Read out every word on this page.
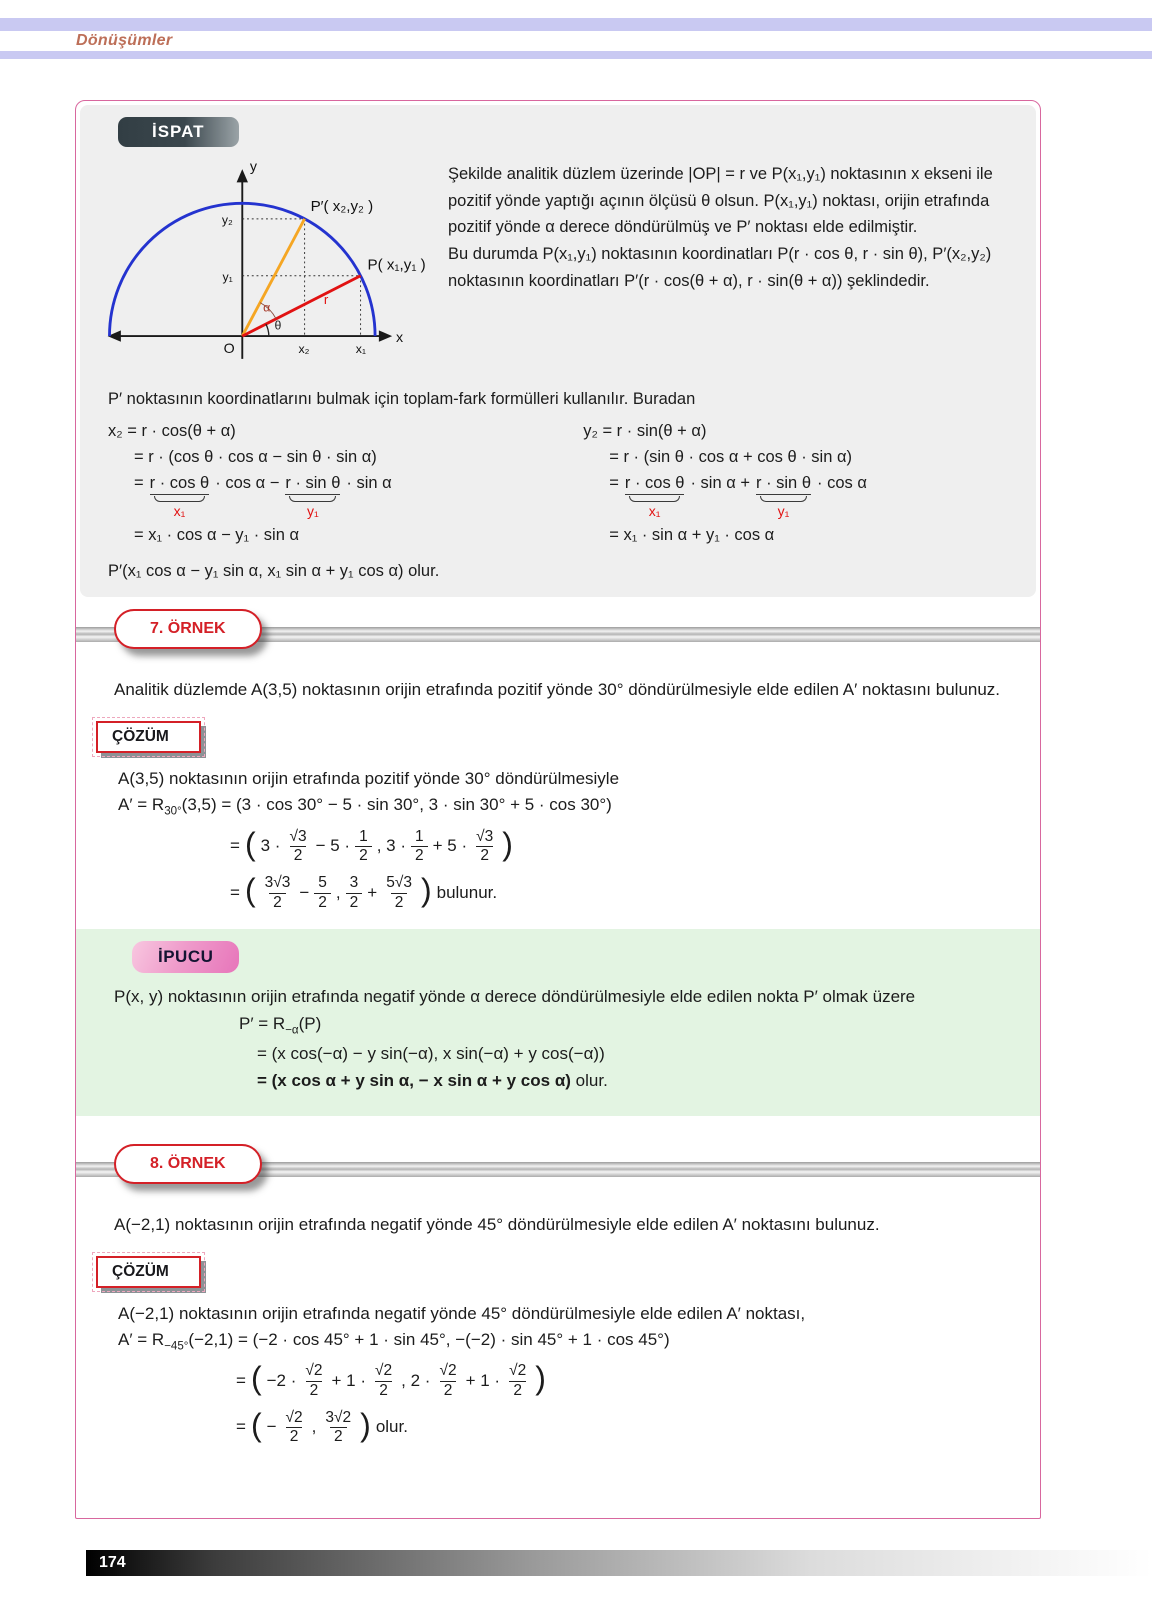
Dönüşümler
İSPAT
y
x
O
P′( x₂,y₂ )
P( x₁,y₁ )
y₂
y₁
x₂	x₁
r
α
θ

Şekilde analitik düzlem üzerinde |OP| = r ve P(x₁,y₁) noktasının x ekseni ile pozitif yönde yaptığı açının ölçüsü θ olsun. P(x₁,y₁) noktası, orijin etrafında pozitif yönde α derece döndürülmüş ve P′ noktası elde edilmiştir.

Bu durumda P(x₁,y₁) noktasının koordinatları P(r · cos θ, r · sin θ), P′(x₂,y₂) noktasının koordinatları P′(r · cos(θ + α), r · sin(θ + α)) şeklindedir.

P′ noktasının koordinatlarını bulmak için toplam-fark formülleri kullanılır. Buradan

x₂ = r · cos(θ + α)
= r · (cos θ · cos α − sin θ · sin α)
= $\frac{\text{r · cos θ}}{\text{x₁}} \cdot \cos \alpha - \frac{\text{r · sin θ}}{\text{y₁}} \cdot \sin \alpha$
= x₁ · cos α − y₁ · sin α
y₂ = r · sin(θ + α)
= r · (sin θ · cos α + cos θ · sin α)
= $\frac{\text{r · cos θ}}{\text{x₁}} \cdot \sin \alpha + \frac{\text{r · sin θ}}{\text{y₁}} \cdot \cos \alpha$
= x₁ · sin α + y₁ · cos α

P′(x₁ cos α − y₁ sin α, x₁ sin α + y₁ cos α) olur.

7. ÖRNEK

Analitik düzlemde A(3,5) noktasının orijin etrafında pozitif yönde 30° döndürülmesiyle elde edilen A′ noktasını bulunuz.

ÇÖZÜM

A(3,5) noktasının orijin etrafında pozitif yönde 30° döndürülmesiyle

$A' = R_{30^\circ}(3,5) = (3 \cdot \cos 30^\circ - 5 \cdot \sin 30^\circ$, 3 · sin 30° + 5 · cos 30°)

= ( $3 \cdot \frac{√3}{2} - 5 \cdot \frac{1}{2}$ , $3 \cdot \frac{1}{2} + 5 \cdot \frac{√3}{2}$ )
= ( $\frac{3√3}{2} - \frac{5}{2}$ , $\frac{3}{2} + \frac{5√3}{2}$ ) bulunur.
İPUCU

P(x, y) noktasının orijin etrafında negatif yönde α derece döndürülmesiyle elde edilen nokta P′ olmak üzere

$P' = R_{-\alpha}(P)$
= (x cos(−α) − y sin(−α), x sin(−α) + y cos(−α))
= (x cos α + y sin α, − x sin α + y cos α) olur.
8. ÖRNEK

A(−2,1) noktasının orijin etrafında negatif yönde 45° döndürülmesiyle elde edilen A′ noktasını bulunuz.

ÇÖZÜM

A(−2,1) noktasının orijin etrafında negatif yönde 45° döndürülmesiyle elde edilen A′ noktası,

$A' = R_{-45^\circ}(-2,1) = (-2 \cdot \cos 45^\circ + 1 \cdot \sin 45^\circ$, −(−2) · sin 45° + 1 · cos 45°)

= ( $-2 \cdot \frac{√2}{2} + 1 \cdot \frac{√2}{2}$ , $2 \cdot \frac{√2}{2} + 1 \cdot \frac{√2}{2}$ )
= ( − $\frac{√2}{2}$ , $\frac{3√2}{2}$ ) olur.
174
